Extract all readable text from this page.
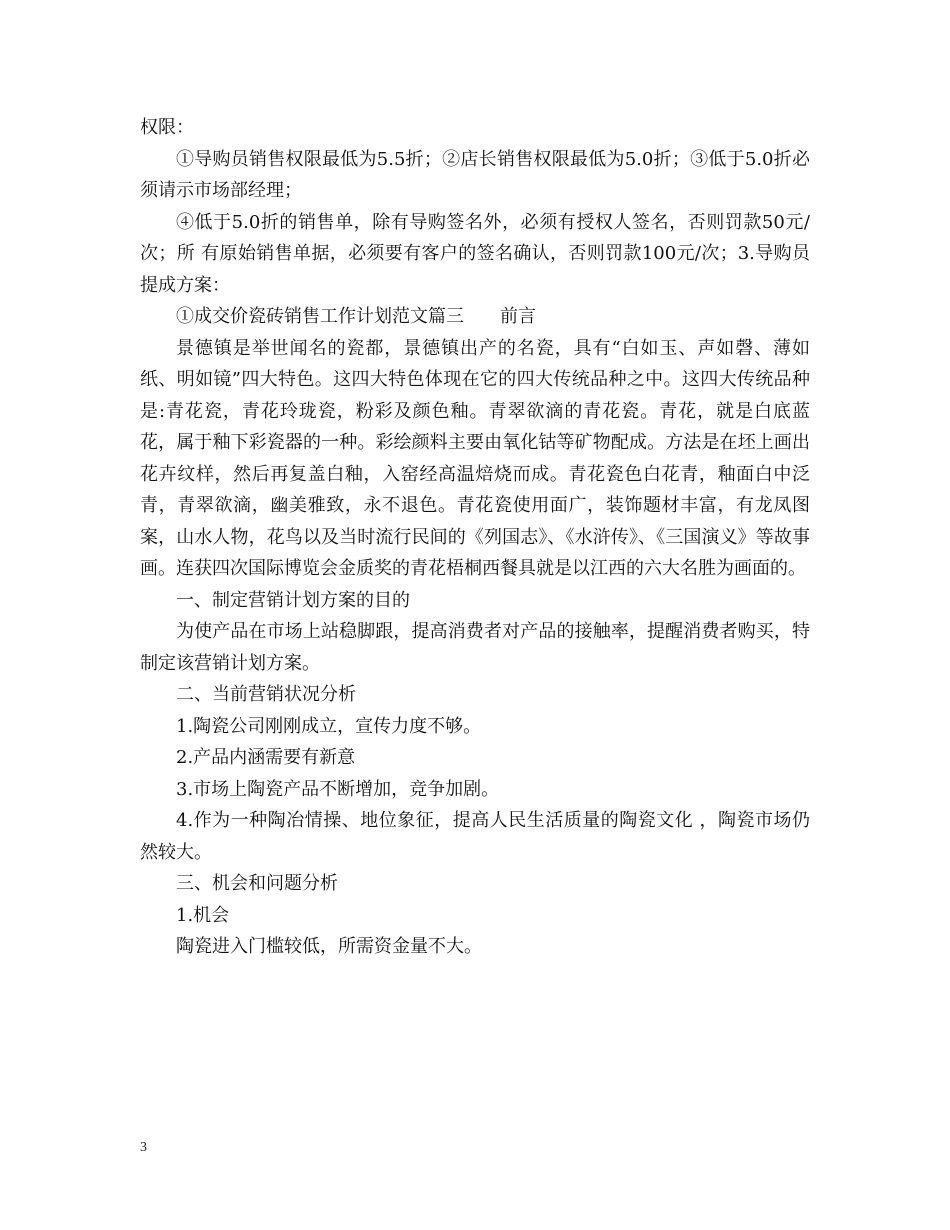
权限：

①导购员销售权限最低为5.5折；②店长销售权限最低为5.0折；③低于5.0折必须请示市场部经理；

④低于5.0折的销售单，除有导购签名外，必须有授权人签名，否则罚款50元/次；所 有原始销售单据，必须要有客户的签名确认，否则罚款100元/次；3.导购员提成方案：

①成交价瓷砖销售工作计划范文篇三　　前言

景德镇是举世闻名的瓷都，景德镇出产的名瓷，具有“白如玉、声如磬、薄如纸、明如镜”四大特色。这四大特色体现在它的四大传统品种之中。这四大传统品种是:青花瓷，青花玲珑瓷，粉彩及颜色釉。青翠欲滴的青花瓷。青花，就是白底蓝花，属于釉下彩瓷器的一种。彩绘颜料主要由氧化钴等矿物配成。方法是在坯上画出花卉纹样，然后再复盖白釉，入窑经高温焙烧而成。青花瓷色白花青，釉面白中泛青，青翠欲滴，幽美雅致，永不退色。青花瓷使用面广，装饰题材丰富，有龙凤图案，山水人物，花鸟以及当时流行民间的《列国志》、《水浒传》、《三国演义》等故事画。连获四次国际博览会金质奖的青花梧桐西餐具就是以江西的六大名胜为画面的。

一、制定营销计划方案的目的

为使产品在市场上站稳脚跟，提高消费者对产品的接触率，提醒消费者购买，特制定该营销计划方案。

二、当前营销状况分析

1.陶瓷公司刚刚成立，宣传力度不够。

2.产品内涵需要有新意

3.市场上陶瓷产品不断增加，竞争加剧。

4.作为一种陶冶情操、地位象征，提高人民生活质量的陶瓷文化 ，陶瓷市场仍然较大。

三、机会和问题分析

1.机会

陶瓷进入门槛较低，所需资金量不大。

3
